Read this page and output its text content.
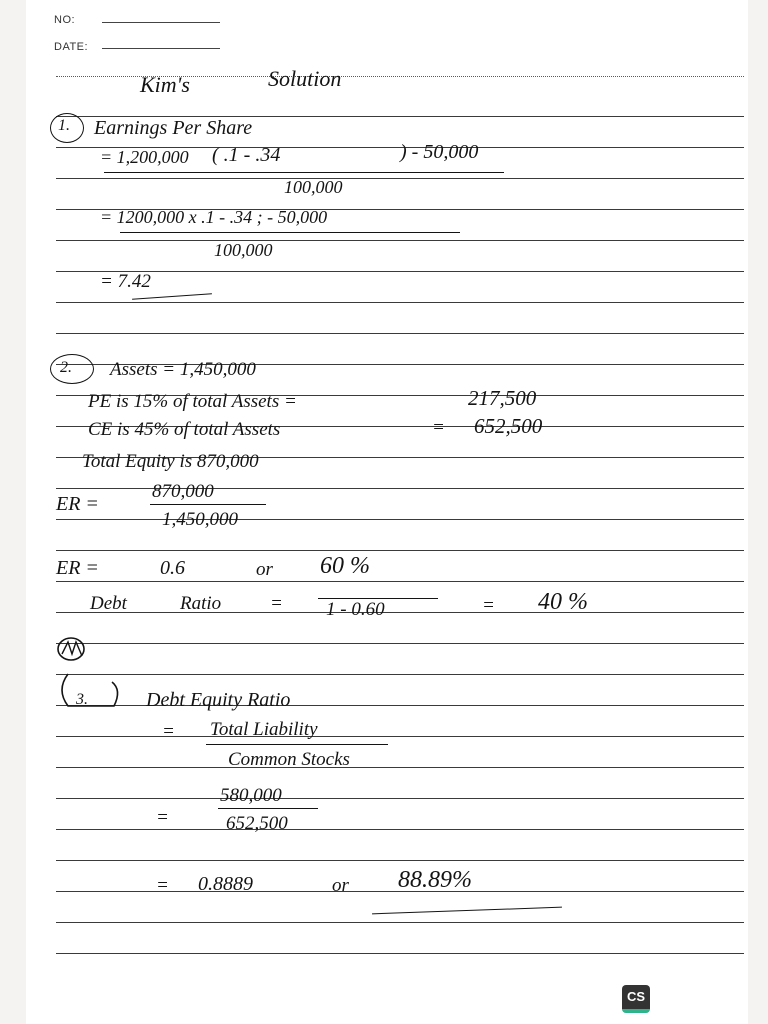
NO:
DATE:
Kim's	Solution
1. Earnings Per Share
= 1,200,000 ( .1 - .34	) - 50,000
100,000
= 1200,000 x .1 - .34 ; - 50,000
100,000
= 7.42
2. Assets = 1,450,000
PE is 15% of total Assets =	217,500
CE is 45% of total Assets	= 652,500
Total Equity is 870,000
ER =
870,000
1,450,000
ER =	0.6	or 60 %
Debt	Ratio	= 1 - 0.60	= 40 %
3.	Debt Equity Ratio
= Total Liability
Common Stocks
=
580,000
652,500
= 0.8889	or 88.89%
CS
